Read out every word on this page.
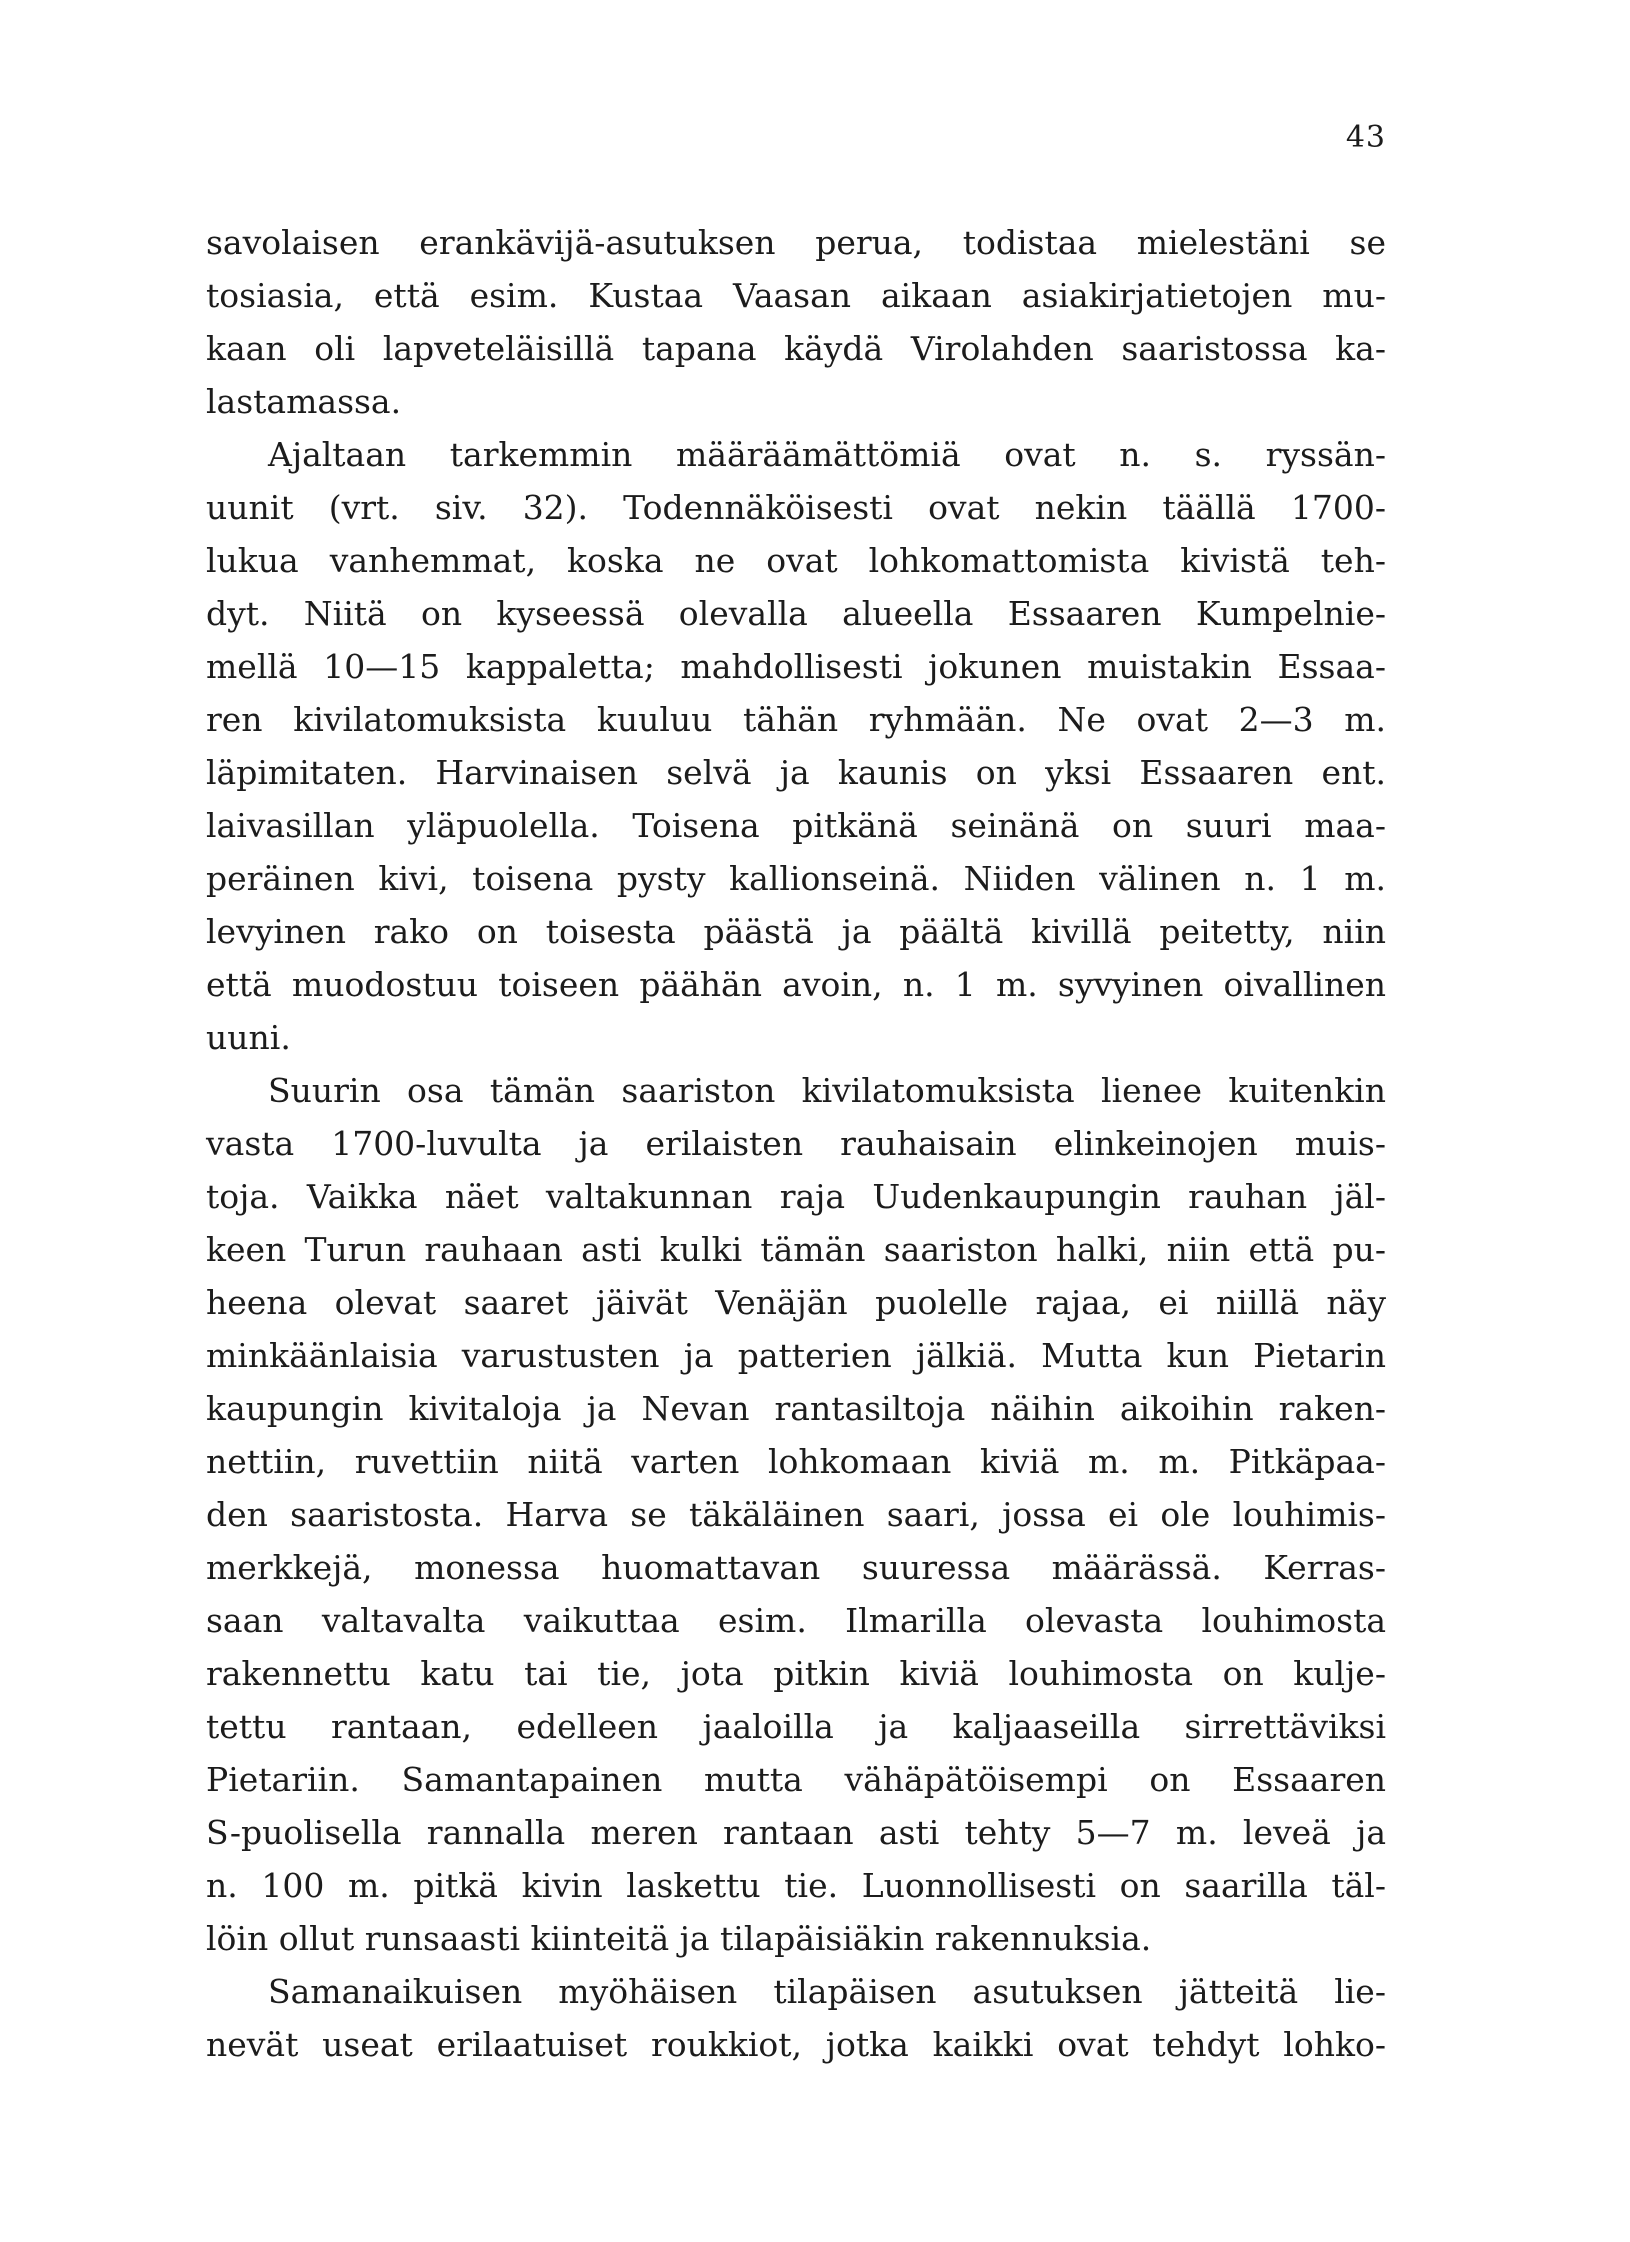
43
savolaisen erankävijä-asutuksen perua, todistaa mielestäni se
tosiasia, että esim. Kustaa Vaasan aikaan asiakirjatietojen mu-
kaan oli lapveteläisillä tapana käydä Virolahden saaristossa ka-
lastamassa.
Ajaltaan tarkemmin määräämättömiä ovat n. s. ryssän-
uunit (vrt. siv. 32). Todennäköisesti ovat nekin täällä 1700-
lukua vanhemmat, koska ne ovat lohkomattomista kivistä teh-
dyt. Niitä on kyseessä olevalla alueella Essaaren Kumpelnie-
mellä 10—15 kappaletta; mahdollisesti jokunen muistakin Essaa-
ren kivilatomuksista kuuluu tähän ryhmään. Ne ovat 2—3 m.
läpimitaten. Harvinaisen selvä ja kaunis on yksi Essaaren ent.
laivasillan yläpuolella. Toisena pitkänä seinänä on suuri maa-
peräinen kivi, toisena pysty kallionseinä. Niiden välinen n. 1 m.
levyinen rako on toisesta päästä ja päältä kivillä peitetty, niin
että muodostuu toiseen päähän avoin, n. 1 m. syvyinen oivallinen
uuni.
Suurin osa tämän saariston kivilatomuksista lienee kuitenkin
vasta 1700-luvulta ja erilaisten rauhaisain elinkeinojen muis-
toja. Vaikka näet valtakunnan raja Uudenkaupungin rauhan jäl-
keen Turun rauhaan asti kulki tämän saariston halki, niin että pu-
heena olevat saaret jäivät Venäjän puolelle rajaa, ei niillä näy
minkäänlaisia varustusten ja patterien jälkiä. Mutta kun Pietarin
kaupungin kivitaloja ja Nevan rantasiltoja näihin aikoihin raken-
nettiin, ruvettiin niitä varten lohkomaan kiviä m. m. Pitkäpaa-
den saaristosta. Harva se täkäläinen saari, jossa ei ole louhimis-
merkkejä, monessa huomattavan suuressa määrässä. Kerras-
saan valtavalta vaikuttaa esim. Ilmarilla olevasta louhimosta
rakennettu katu tai tie, jota pitkin kiviä louhimosta on kulje-
tettu rantaan, edelleen jaaloilla ja kaljaaseilla sirrettäviksi
Pietariin. Samantapainen mutta vähäpätöisempi on Essaaren
S-puolisella rannalla meren rantaan asti tehty 5—7 m. leveä ja
n. 100 m. pitkä kivin laskettu tie. Luonnollisesti on saarilla täl-
löin ollut runsaasti kiinteitä ja tilapäisiäkin rakennuksia.
Samanaikuisen myöhäisen tilapäisen asutuksen jätteitä lie-
nevät useat erilaatuiset roukkiot, jotka kaikki ovat tehdyt lohko-
